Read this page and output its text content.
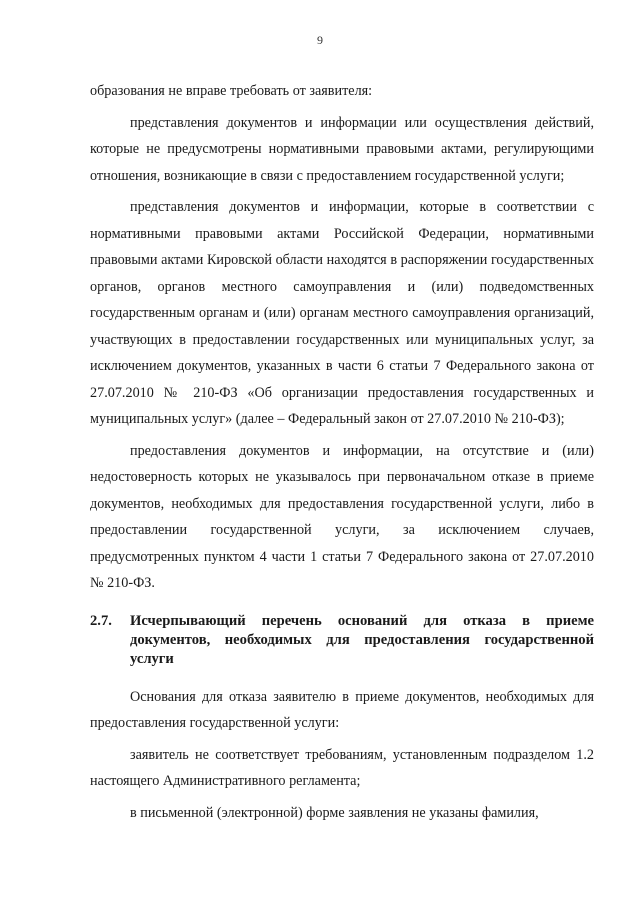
9

образования не вправе требовать от заявителя:

представления документов и информации или осуществления действий, которые не предусмотрены нормативными правовыми актами, регулирующими отношения, возникающие в связи с предоставлением государственной услуги;

представления документов и информации, которые в соответствии с нормативными правовыми актами Российской Федерации, нормативными правовыми актами Кировской области находятся в распоряжении государственных органов, органов местного самоуправления и (или) подведомственных государственным органам и (или) органам местного самоуправления организаций, участвующих в предоставлении государственных или муниципальных услуг, за исключением документов, указанных в части 6 статьи 7 Федерального закона от 27.07.2010 № 210-ФЗ «Об организации предоставления государственных и муниципальных услуг» (далее – Федеральный закон от 27.07.2010 № 210-ФЗ);

предоставления документов и информации, на отсутствие и (или) недостоверность которых не указывалось при первоначальном отказе в приеме документов, необходимых для предоставления государственной услуги, либо в предоставлении государственной услуги, за исключением случаев, предусмотренных пунктом 4 части 1 статьи 7 Федерального закона от 27.07.2010 № 210-ФЗ.

2.7.	Исчерпывающий перечень оснований для отказа в приеме документов, необходимых для предоставления государственной услуги

Основания для отказа заявителю в приеме документов, необходимых для предоставления государственной услуги:

заявитель не соответствует требованиям, установленным подразделом 1.2 настоящего Административного регламента;

в письменной (электронной) форме заявления не указаны фамилия,
